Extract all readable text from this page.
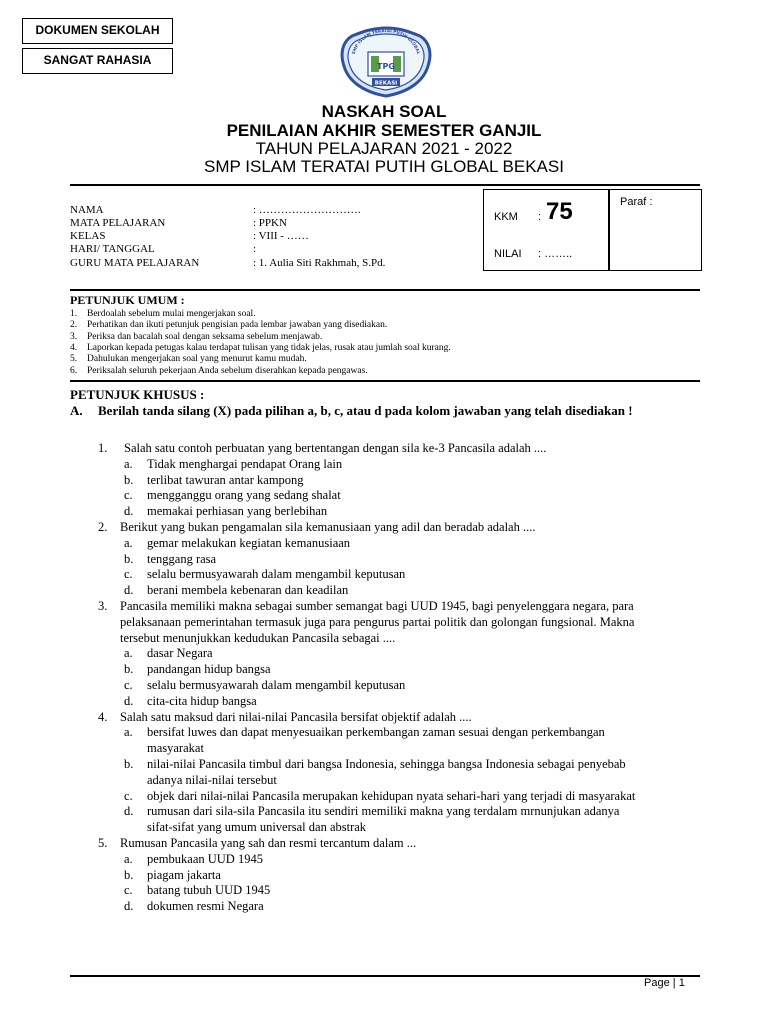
DOKUMEN SEKOLAH
SANGAT RAHASIA
SMP ISLAM TERATAI PUTIH GLOBAL
TPG
BEKASI
NASKAH SOAL
PENILAIAN AKHIR SEMESTER GANJIL
TAHUN PELAJARAN 2021 - 2022
SMP ISLAM TERATAI PUTIH GLOBAL BEKASI
NAMA	: ……………………….
MATA PELAJARAN	: PPKN
KELAS	: VIII - ……
HARI/ TANGGAL	:
GURU MATA PELAJARAN	: 1. Aulia Siti Rakhmah, S.Pd.
KKM : 75
NILAI : ……..
Paraf :
PETUNJUK UMUM :
1. Berdoalah sebelum mulai mengerjakan soal.
2. Perhatikan dan ikuti petunjuk pengisian pada lembar jawaban yang disediakan.
3. Periksa dan bacalah soal dengan seksama sebelum menjawab.
4. Laporkan kepada petugas kalau terdapat tulisan yang tidak jelas, rusak atau jumlah soal kurang.
5. Dahulukan mengerjakan soal yang menurut kamu mudah.
6. Periksalah seluruh pekerjaan Anda sebelum diserahkan kepada pengawas.
PETUNJUK KHUSUS :
A. Berilah tanda silang (X) pada pilihan a, b, c, atau d pada kolom jawaban yang telah disediakan !
1. Salah satu contoh perbuatan yang bertentangan dengan sila ke-3 Pancasila adalah ....
a. Tidak menghargai pendapat Orang lain
b. terlibat tawuran antar kampong
c. mengganggu orang yang sedang shalat
d. memakai perhiasan yang berlebihan
2. Berikut yang bukan pengamalan sila kemanusiaan yang adil dan beradab adalah ....
a. gemar melakukan kegiatan kemanusiaan
b. tenggang rasa
c. selalu bermusyawarah dalam mengambil keputusan
d. berani membela kebenaran dan keadilan
3. Pancasila memiliki makna sebagai sumber semangat bagi UUD 1945, bagi penyelenggara negara, para
pelaksanaan pemerintahan termasuk juga para pengurus partai politik dan golongan fungsional. Makna
tersebut menunjukkan kedudukan Pancasila sebagai ....
a. dasar Negara
b. pandangan hidup bangsa
c. selalu bermusyawarah dalam mengambil keputusan
d. cita-cita hidup bangsa
4. Salah satu maksud dari nilai-nilai Pancasila bersifat objektif adalah ....
a. bersifat luwes dan dapat menyesuaikan perkembangan zaman sesuai dengan perkembangan
masyarakat
b. nilai-nilai Pancasila timbul dari bangsa Indonesia, sehingga bangsa Indonesia sebagai penyebab
adanya nilai-nilai tersebut
c. objek dari nilai-nilai Pancasila merupakan kehidupan nyata sehari-hari yang terjadi di masyarakat
d. rumusan dari sila-sila Pancasila itu sendiri memiliki makna yang terdalam mrnunjukan adanya
sifat-sifat yang umum universal dan abstrak
5. Rumusan Pancasila yang sah dan resmi tercantum dalam ...
a. pembukaan UUD 1945
b. piagam jakarta
c. batang tubuh UUD 1945
d. dokumen resmi Negara
Page | 1
